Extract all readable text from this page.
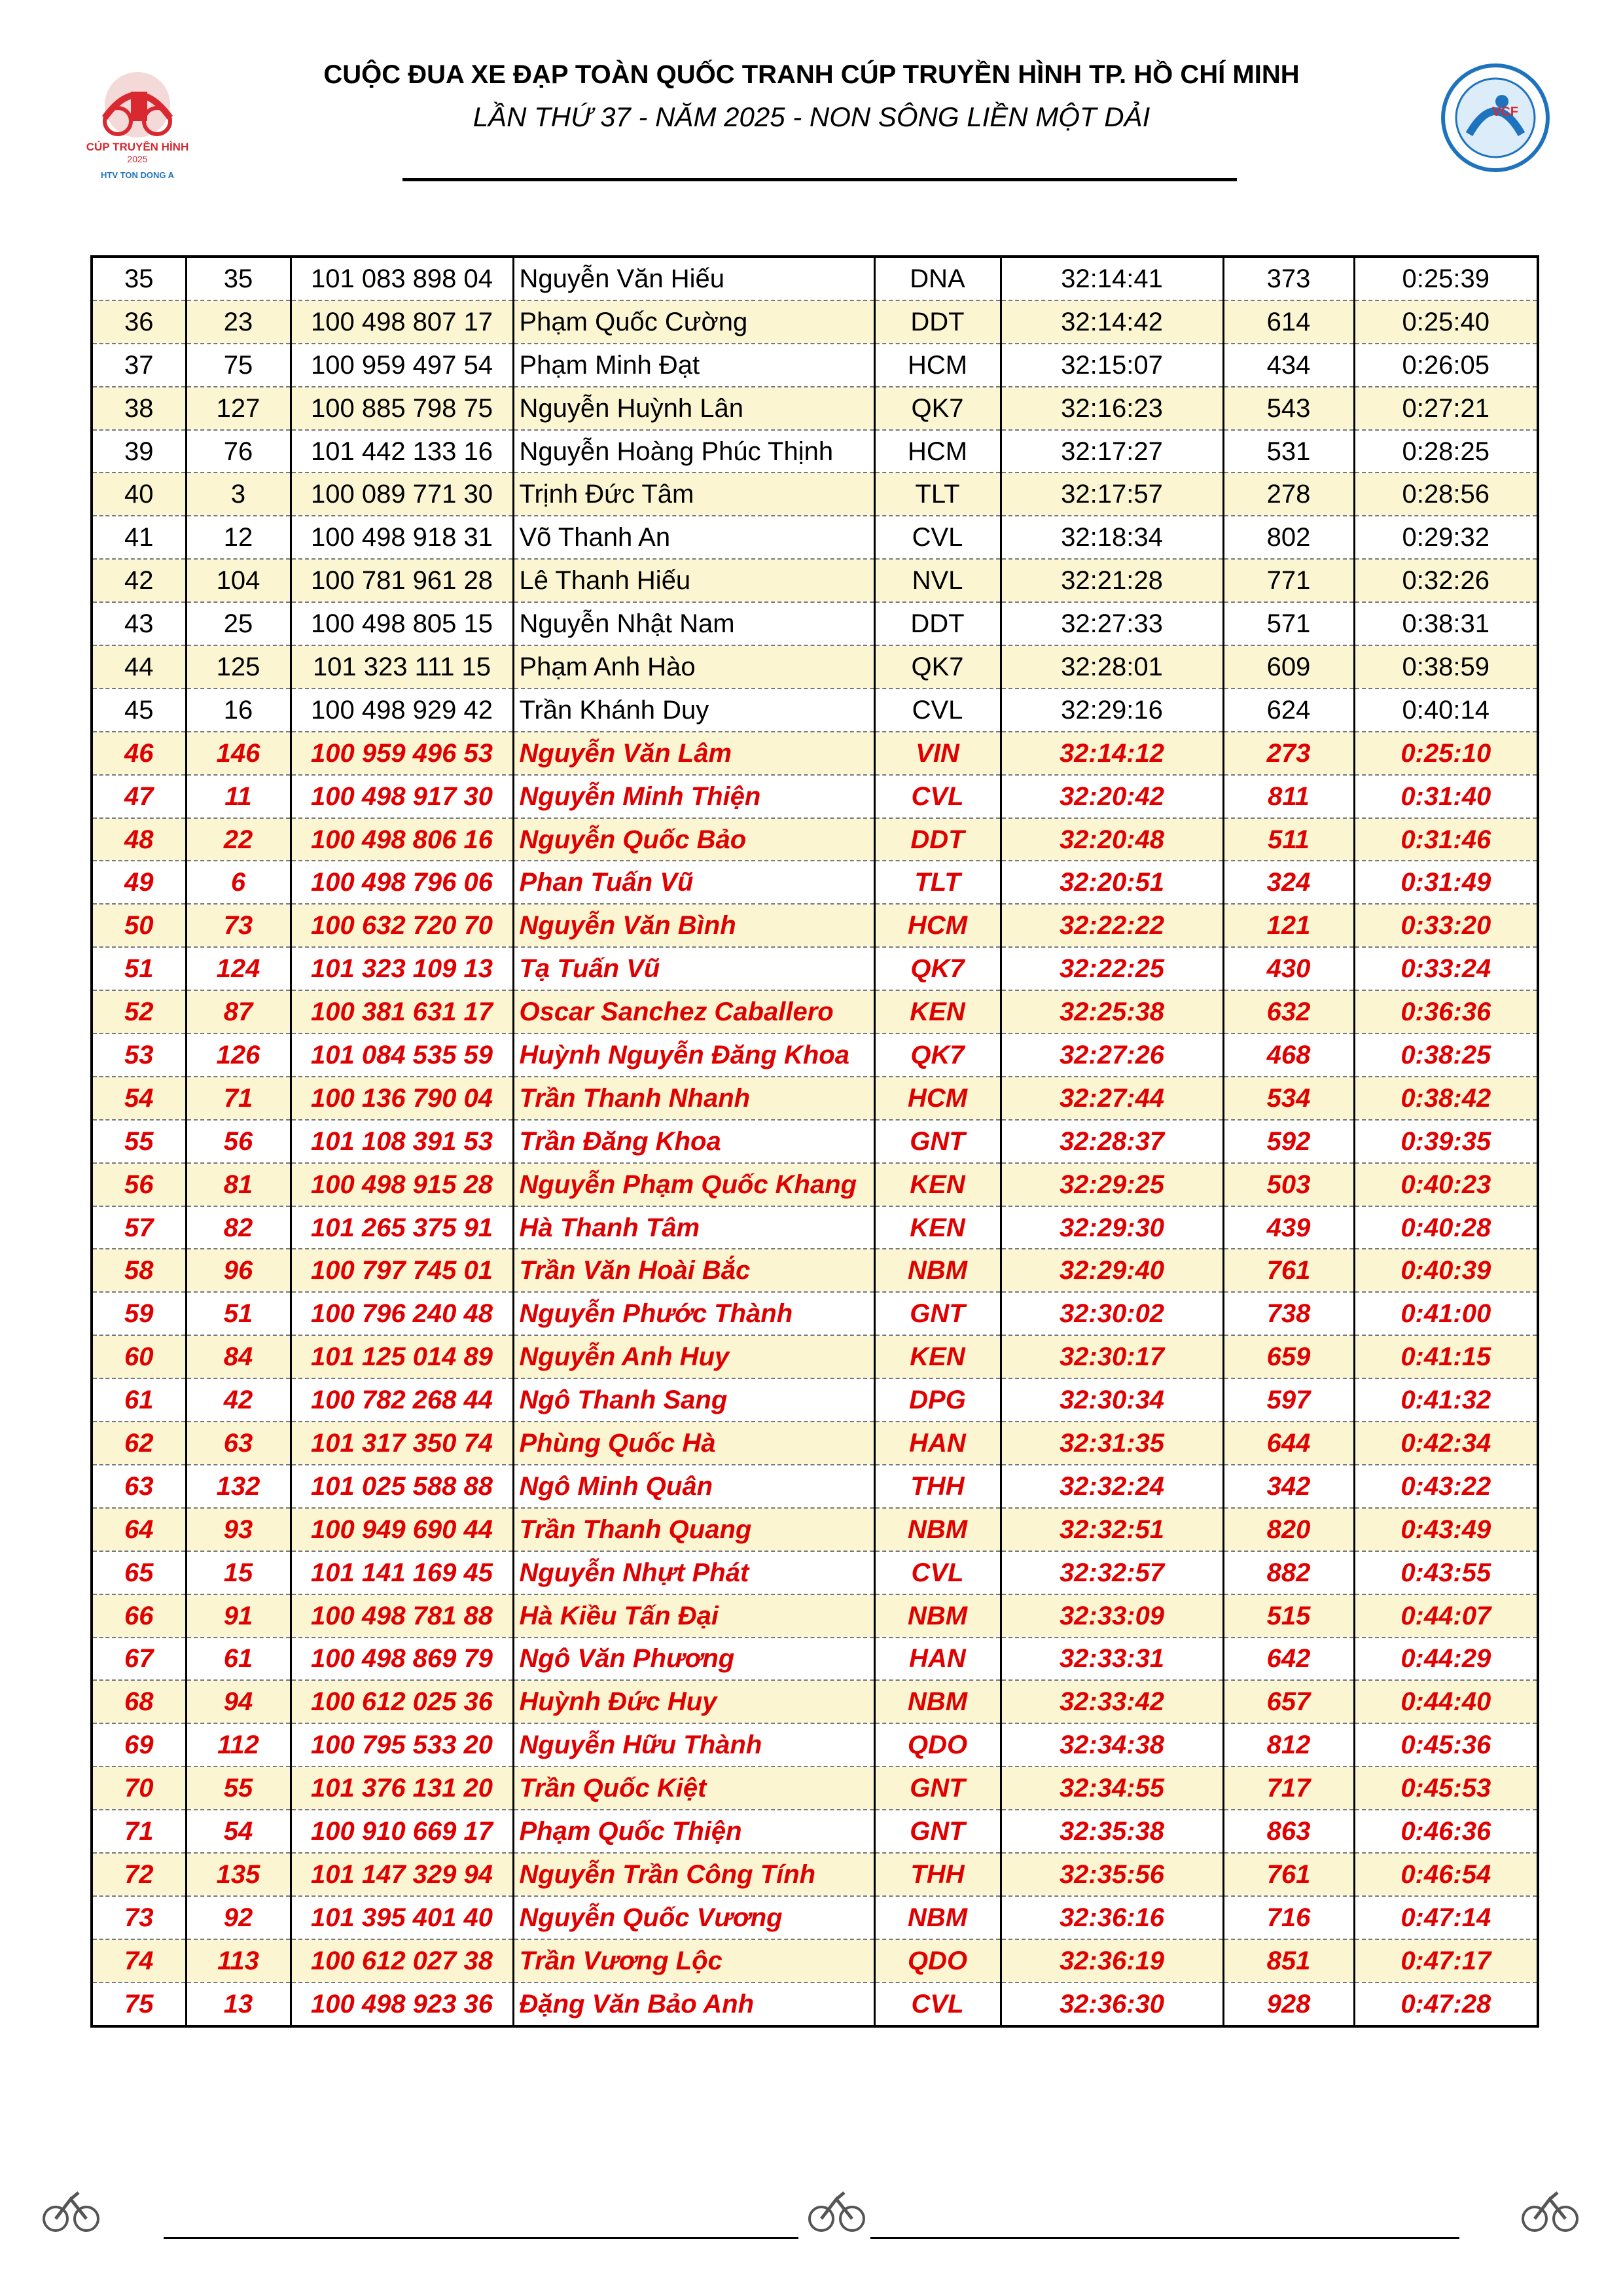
CÚP TRUYỀN HÌNH
2025
HTV TON DONG A
CUỘC ĐUA XE ĐẠP TOÀN QUỐC TRANH CÚP TRUYỀN HÌNH TP. HỒ CHÍ MINH
LẦN THỨ 37 - NĂM 2025 - NON SÔNG LIỀN MỘT DẢI	VCF
35	35	101 083 898 04	Nguyễn Văn Hiếu	DNA	32:14:41	373	0:25:39
36	23	100 498 807 17	Phạm Quốc Cường	DDT	32:14:42	614	0:25:40
37	75	100 959 497 54	Phạm Minh Đạt	HCM	32:15:07	434	0:26:05
38	127	100 885 798 75	Nguyễn Huỳnh Lân	QK7	32:16:23	543	0:27:21
39	76	101 442 133 16	Nguyễn Hoàng Phúc Thịnh	HCM	32:17:27	531	0:28:25
40	3	100 089 771 30	Trịnh Đức Tâm	TLT	32:17:57	278	0:28:56
41	12	100 498 918 31	Võ Thanh An	CVL	32:18:34	802	0:29:32
42	104	100 781 961 28	Lê Thanh Hiếu	NVL	32:21:28	771	0:32:26
43	25	100 498 805 15	Nguyễn Nhật Nam	DDT	32:27:33	571	0:38:31
44	125	101 323 111 15	Phạm Anh Hào	QK7	32:28:01	609	0:38:59
45	16	100 498 929 42	Trần Khánh Duy	CVL	32:29:16	624	0:40:14
46	146	100 959 496 53	Nguyễn Văn Lâm	VIN	32:14:12	273	0:25:10
47	11	100 498 917 30	Nguyễn Minh Thiện	CVL	32:20:42	811	0:31:40
48	22	100 498 806 16	Nguyễn Quốc Bảo	DDT	32:20:48	511	0:31:46
49	6	100 498 796 06	Phan Tuấn Vũ	TLT	32:20:51	324	0:31:49
50	73	100 632 720 70	Nguyễn Văn Bình	HCM	32:22:22	121	0:33:20
51	124	101 323 109 13	Tạ Tuấn Vũ	QK7	32:22:25	430	0:33:24
52	87	100 381 631 17	Oscar Sanchez Caballero	KEN	32:25:38	632	0:36:36
53	126	101 084 535 59	Huỳnh Nguyễn Đăng Khoa	QK7	32:27:26	468	0:38:25
54	71	100 136 790 04	Trần Thanh Nhanh	HCM	32:27:44	534	0:38:42
55	56	101 108 391 53	Trần Đăng Khoa	GNT	32:28:37	592	0:39:35
56	81	100 498 915 28	Nguyễn Phạm Quốc Khang	KEN	32:29:25	503	0:40:23
57	82	101 265 375 91	Hà Thanh Tâm	KEN	32:29:30	439	0:40:28
58	96	100 797 745 01	Trần Văn Hoài Bắc	NBM	32:29:40	761	0:40:39
59	51	100 796 240 48	Nguyễn Phước Thành	GNT	32:30:02	738	0:41:00
60	84	101 125 014 89	Nguyễn Anh Huy	KEN	32:30:17	659	0:41:15
61	42	100 782 268 44	Ngô Thanh Sang	DPG	32:30:34	597	0:41:32
62	63	101 317 350 74	Phùng Quốc Hà	HAN	32:31:35	644	0:42:34
63	132	101 025 588 88	Ngô Minh Quân	THH	32:32:24	342	0:43:22
64	93	100 949 690 44	Trần Thanh Quang	NBM	32:32:51	820	0:43:49
65	15	101 141 169 45	Nguyễn Nhựt Phát	CVL	32:32:57	882	0:43:55
66	91	100 498 781 88	Hà Kiều Tấn Đại	NBM	32:33:09	515	0:44:07
67	61	100 498 869 79	Ngô Văn Phương	HAN	32:33:31	642	0:44:29
68	94	100 612 025 36	Huỳnh Đức Huy	NBM	32:33:42	657	0:44:40
69	112	100 795 533 20	Nguyễn Hữu Thành	QDO	32:34:38	812	0:45:36
70	55	101 376 131 20	Trần Quốc Kiệt	GNT	32:34:55	717	0:45:53
71	54	100 910 669 17	Phạm Quốc Thiện	GNT	32:35:38	863	0:46:36
72	135	101 147 329 94	Nguyễn Trần Công Tính	THH	32:35:56	761	0:46:54
73	92	101 395 401 40	Nguyễn Quốc Vương	NBM	32:36:16	716	0:47:14
74	113	100 612 027 38	Trần Vương Lộc	QDO	32:36:19	851	0:47:17
75	13	100 498 923 36	Đặng Văn Bảo Anh	CVL	32:36:30	928	0:47:28
